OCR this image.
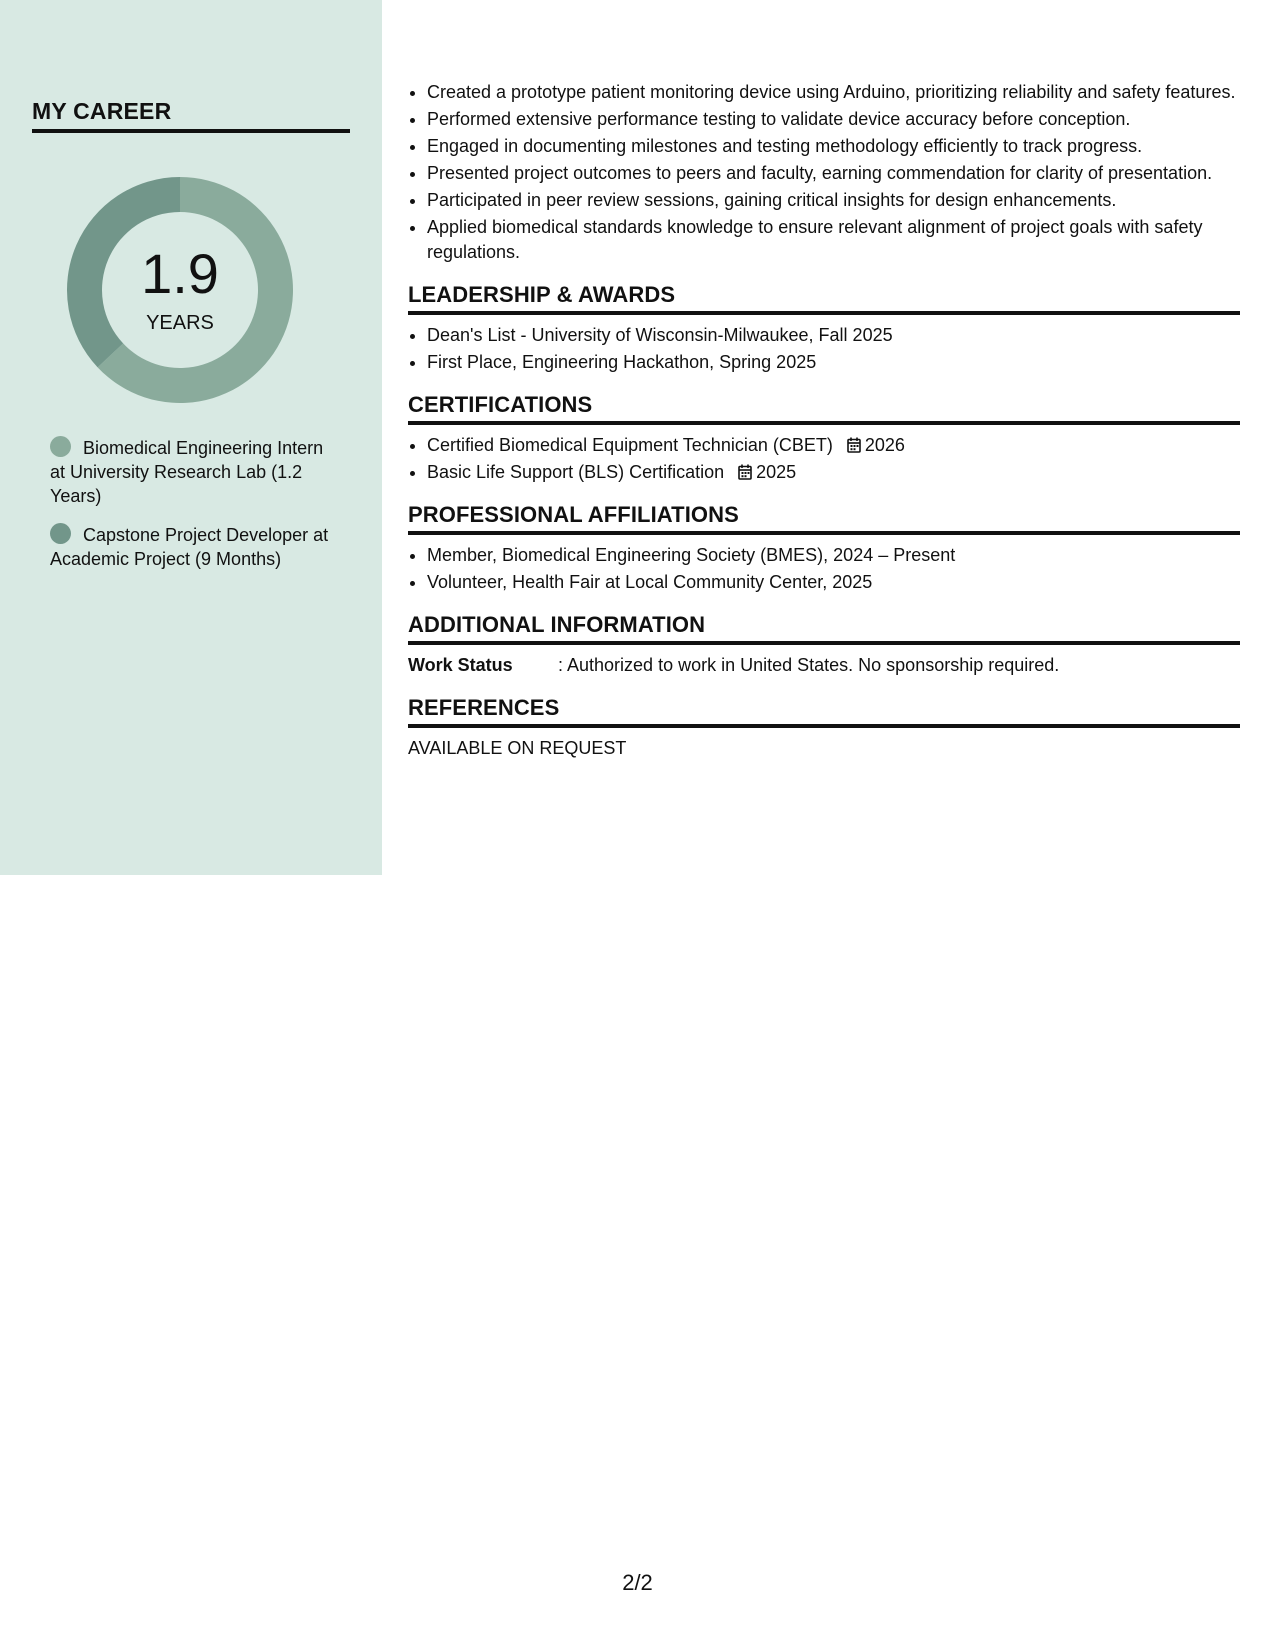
MY CAREER
1.9
YEARS
Biomedical Engineering Intern at University Research Lab (1.2 Years)
Capstone Project Developer at Academic Project (9 Months)
• Created a prototype patient monitoring device using Arduino, prioritizing reliability and safety features.
• Performed extensive performance testing to validate device accuracy before conception.
• Engaged in documenting milestones and testing methodology efficiently to track progress.
• Presented project outcomes to peers and faculty, earning commendation for clarity of presentation.
• Participated in peer review sessions, gaining critical insights for design enhancements.
• Applied biomedical standards knowledge to ensure relevant alignment of project goals with safety regulations.
LEADERSHIP & AWARDS
• Dean's List - University of Wisconsin-Milwaukee, Fall 2025
• First Place, Engineering Hackathon, Spring 2025
CERTIFICATIONS
• Certified Biomedical Equipment Technician (CBET) 2026
• Basic Life Support (BLS) Certification 2025
PROFESSIONAL AFFILIATIONS
• Member, Biomedical Engineering Society (BMES), 2024 – Present
• Volunteer, Health Fair at Local Community Center, 2025
ADDITIONAL INFORMATION
Work Status	: Authorized to work in United States. No sponsorship required.
REFERENCES
AVAILABLE ON REQUEST
2/2
